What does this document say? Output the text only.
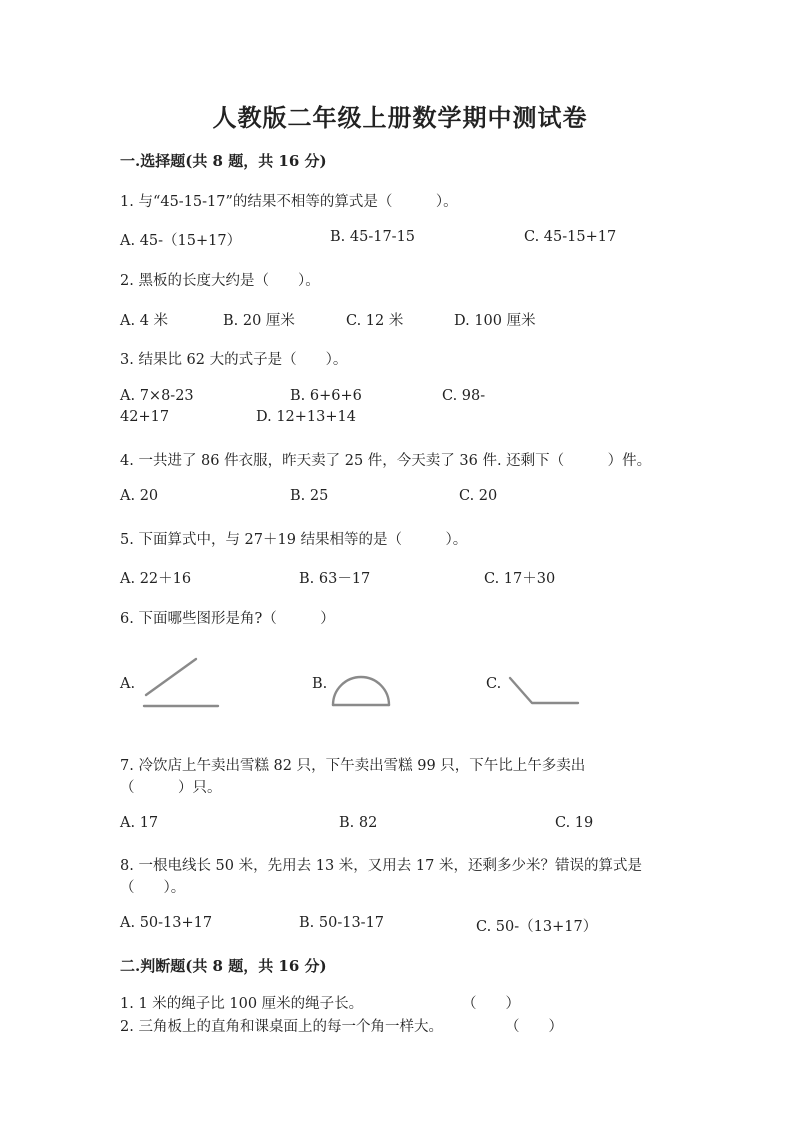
人教版二年级上册数学期中测试卷
一.选择题(共 8 题，共 16 分)
1. 与“45-15-17”的结果不相等的算式是（　　　）。
A. 45-（15+17）	B. 45-17-15	C. 45-15+17
2. 黑板的长度大约是（　　）。
A. 4 米	B. 20 厘米	C. 12 米	D. 100 厘米
3. 结果比 62 大的式子是（　　）。
A. 7×8-23	B. 6+6+6	C. 98-
42+17	D. 12+13+14
4. 一共进了 86 件衣服，昨天卖了 25 件，今天卖了 36 件. 还剩下（　　　）件。
A. 20	B. 25	C. 20
5. 下面算式中，与 27＋19 结果相等的是（　　　）。
A. 22＋16	B. 63－17	C. 17＋30
6. 下面哪些图形是角?（　　　）
A.	B.	C.
7. 冷饮店上午卖出雪糕 82 只，下午卖出雪糕 99 只，下午比上午多卖出
（　　　）只。
A. 17	B. 82	C. 19
8. 一根电线长 50 米，先用去 13 米，又用去 17 米，还剩多少米？错误的算式是
（　　）。
A. 50-13+17	B. 50-13-17	C. 50-（13+17）
二.判断题(共 8 题，共 16 分)
1. 1 米的绳子比 100 厘米的绳子长。	（　　）
2. 三角板上的直角和课桌面上的每一个角一样大。	（　　）
